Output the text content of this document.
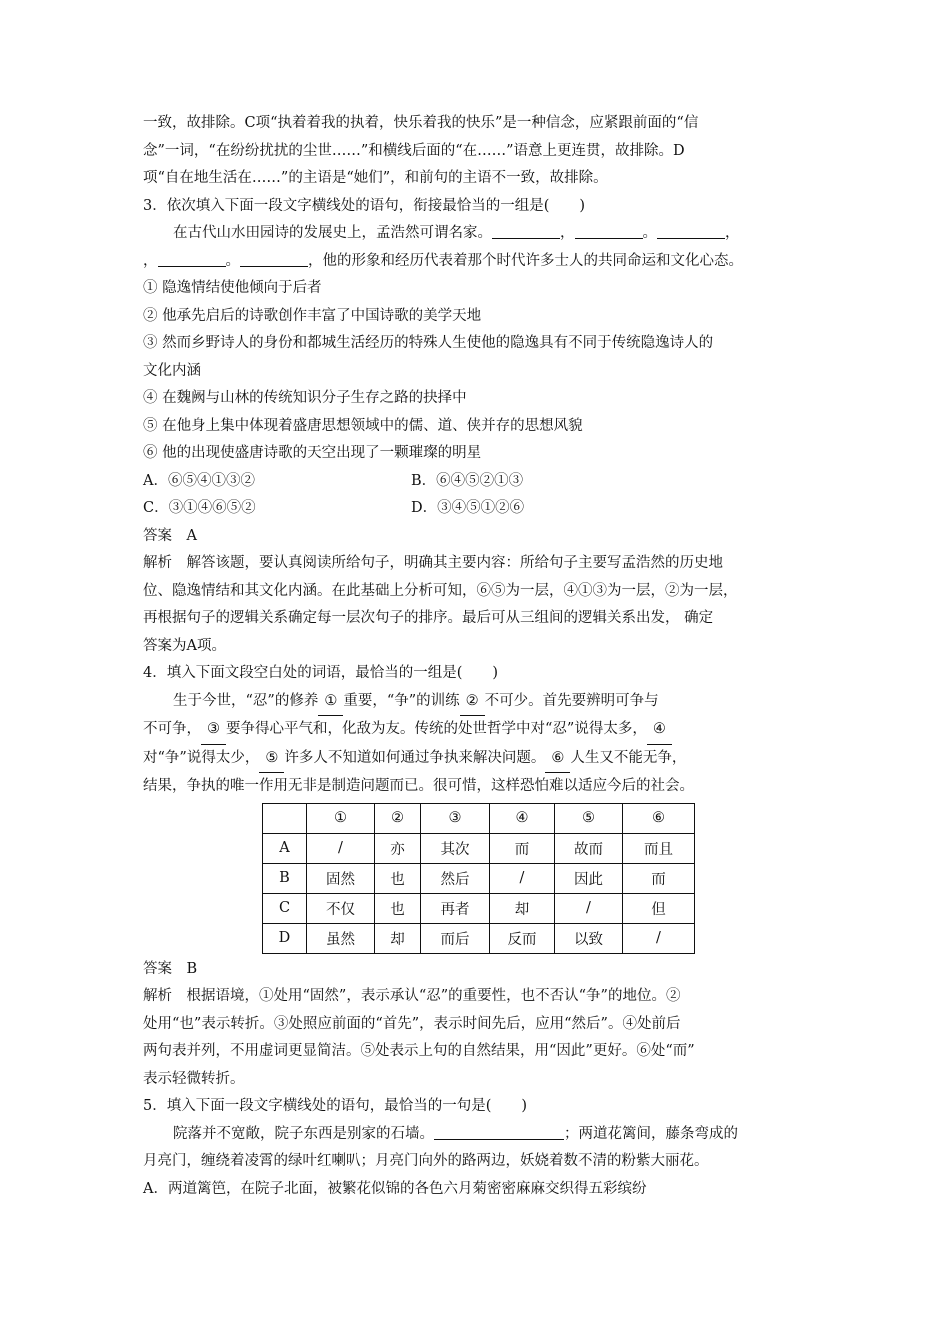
一致，故排除。C项“执着着我的执着，快乐着我的快乐”是一种信念，应紧跟前面的“信
念”一词，“在纷纷扰扰的尘世……”和横线后面的“在……”语意上更连贯，故排除。D
项“自在地生活在……”的主语是“她们”，和前句的主语不一致，故排除。
3．依次填入下面一段文字横线处的语句，衔接最恰当的一组是( )
在古代山水田园诗的发展史上，孟浩然可谓名家。	，	。	，
，	。	，他的形象和经历代表着那个时代许多士人的共同命运和文化心态。
① 隐逸情结使他倾向于后者
② 他承先启后的诗歌创作丰富了中国诗歌的美学天地
③ 然而乡野诗人的身份和都城生活经历的特殊人生使他的隐逸具有不同于传统隐逸诗人的
文化内涵
④ 在魏阙与山林的传统知识分子生存之路的抉择中
⑤ 在他身上集中体现着盛唐思想领域中的儒、道、侠并存的思想风貌
⑥ 他的出现使盛唐诗歌的天空出现了一颗璀璨的明星
A．⑥⑤④①③②	B．⑥④⑤②①③
C．③①④⑥⑤②	D．③④⑤①②⑥
答案　A
解析　解答该题，要认真阅读所给句子，明确其主要内容：所给句子主要写孟浩然的历史地
位、隐逸情结和其文化内涵。在此基础上分析可知，⑥⑤为一层，④①③为一层，②为一层，
再根据句子的逻辑关系确定每一层次句子的排序。最后可从三组间的逻辑关系出发， 确定
答案为A项。
4．填入下面文段空白处的词语，最恰当的一组是( )
生于今世，“忍”的修养 ① 重要，“争”的训练 ② 不可少。首先要辨明可争与
不可争， ③ 要争得心平气和，化敌为友。传统的处世哲学中对“忍”说得太多， ④
对“争”说得太少， ⑤ 许多人不知道如何通过争执来解决问题。 ⑥ 人生又不能无争，
结果，争执的唯一作用无非是制造问题而已。很可惜，这样恐怕难以适应今后的社会。
	①	②	③	④	⑤	⑥
A	/	亦	其次	而	故而	而且
B	固然	也	然后	/	因此	而
C	不仅	也	再者	却	/	但
D	虽然	却	而后	反而	以致	/
答案　B
解析　根据语境，①处用“固然”，表示承认“忍”的重要性，也不否认“争”的地位。②
处用“也”表示转折。③处照应前面的“首先”，表示时间先后，应用“然后”。④处前后
两句表并列，不用虚词更显简洁。⑤处表示上句的自然结果，用“因此”更好。⑥处“而”
表示轻微转折。
5．填入下面一段文字横线处的语句，最恰当的一句是( )
院落并不宽敞，院子东西是别家的石墙。	；两道花篱间，藤条弯成的
月亮门，缠绕着凌霄的绿叶红喇叭；月亮门向外的路两边，妖娆着数不清的粉紫大丽花。
A．两道篱笆，在院子北面，被繁花似锦的各色六月菊密密麻麻交织得五彩缤纷
